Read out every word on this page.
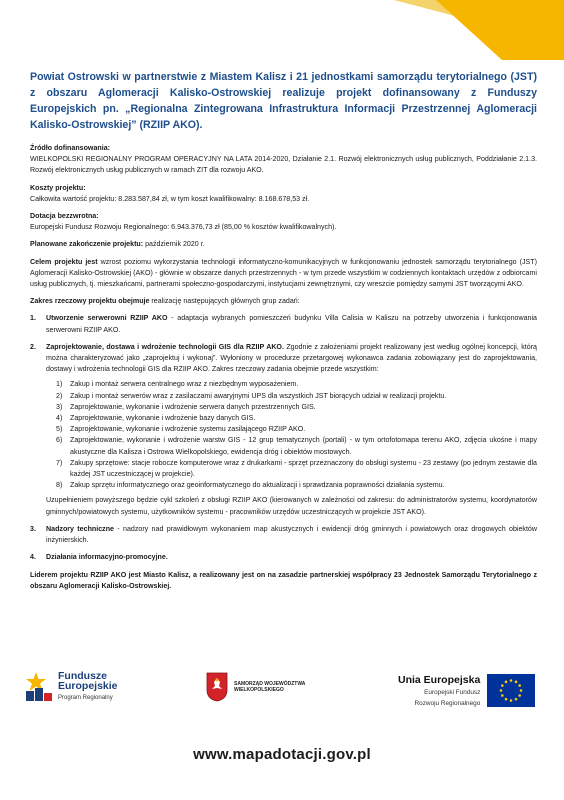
Powiat Ostrowski w partnerstwie z Miastem Kalisz i 21 jednostkami samorządu terytorialnego (JST) z obszaru Aglomeracji Kalisko-Ostrowskiej realizuje projekt dofinansowany z Funduszy Europejskich pn. „Regionalna Zintegrowana Infrastruktura Informacji Przestrzennej Aglomeracji Kalisko-Ostrowskiej” (RZIIP AKO).

Źródło dofinansowania:

WIELKOPOLSKI REGIONALNY PROGRAM OPERACYJNY NA LATA 2014-2020, Działanie 2.1. Rozwój elektronicznych usług publicznych, Poddziałanie 2.1.3. Rozwój elektronicznych usług publicznych w ramach ZIT dla rozwoju AKO.

Koszty projektu:

Całkowita wartość projektu: 8.283.587,84 zł, w tym koszt kwalifikowalny: 8.168.678,53 zł.

Dotacja bezzwrotna:

Europejski Fundusz Rozwoju Regionalnego: 6.943.376,73 zł (85,00 % kosztów kwalifikowalnych).

Planowane zakończenie projektu: październik 2020 r.

Celem projektu jest wzrost poziomu wykorzystania technologii informatyczno-komunikacyjnych w funkcjonowaniu jednostek samorządu terytorialnego (JST) Aglomeracji Kalisko-Ostrowskiej (AKO) - głównie w obszarze danych przestrzennych - w tym przede wszystkim w codziennych kontaktach urzędów z odbiorcami usług publicznych, tj. mieszkańcami, partnerami społeczno-gospodarczymi, instytucjami zewnętrznymi, czy wreszcie pomiędzy samymi JST tworzącymi AKO.

Zakres rzeczowy projektu obejmuje realizację następujących głównych grup zadań:

1. Utworzenie serwerowni RZIIP AKO - adaptacja wybranych pomieszczeń budynku Villa Calisia w Kaliszu na potrzeby utworzenia i funkcjonowania serwerowni RZIIP AKO.
2. Zaprojektowanie, dostawa i wdrożenie technologii GIS dla RZIIP AKO. Zgodnie z założeniami projekt realizowany jest według ogólnej koncepcji, którą można charakteryzować jako „zaprojektuj i wykonaj”. Wyłoniony w procedurze przetargowej wykonawca zadania zobowiązany jest do zaprojektowania, dostawy i wdrożenia technologii GIS dla RZIIP AKO. Zakres rzeczowy zadania obejmie przede wszystkim:
1) Zakup i montaż serwera centralnego wraz z niezbędnym wyposażeniem.
2) Zakup i montaż serwerów wraz z zasilaczami awaryjnymi UPS dla wszystkich JST biorących udział w realizacji projektu.
3) Zaprojektowanie, wykonanie i wdrożenie serwera danych przestrzennych GIS.
4) Zaprojektowanie, wykonanie i wdrożenie bazy danych GIS.
5) Zaprojektowanie, wykonanie i wdrożenie systemu zasilającego RZIIP AKO.
6) Zaprojektowanie, wykonanie i wdrożenie warstw GIS - 12 grup tematycznych (portali) - w tym ortofotomapa terenu AKO, zdjęcia ukośne i mapy akustyczne dla Kalisza i Ostrowa Wielkopolskiego, ewidencja dróg i obiektów mostowych.
7) Zakupy sprzętowe: stacje robocze komputerowe wraz z drukarkami - sprzęt przeznaczony do obsługi systemu - 23 zestawy (po jednym zestawie dla każdej JST uczestniczącej w projekcie).
8) Zakup sprzętu informatycznego oraz geoinformatycznego do aktualizacji i sprawdzania poprawności działania systemu.

Uzupełnieniem powyższego będzie cykl szkoleń z obsługi RZIIP AKO (kierowanych w zależności od zakresu: do administratorów systemu, koordynatorów gminnych/powiatowych systemu, użytkowników systemu - pracowników urzędów uczestniczących w projekcie JST AKO).

3. Nadzory techniczne - nadzory nad prawidłowym wykonaniem map akustycznych i ewidencji dróg gminnych i powiatowych oraz drogowych obiektów inżynierskich.
4. Działania informacyjno-promocyjne.

Liderem projektu RZIIP AKO jest Miasto Kalisz, a realizowany jest on na zasadzie partnerskiej współpracy 23 Jednostek Samorządu Terytorialnego z obszaru Aglomeracji Kalisko-Ostrowskiej.

Fundusze
Europejskie
Program Regionalny
SAMORZĄD WOJEWÓDZTWA
WIELKOPOLSKIEGO
Unia Europejska
Europejski Fundusz
Rozwoju Regionalnego
www.mapadotacji.gov.pl
